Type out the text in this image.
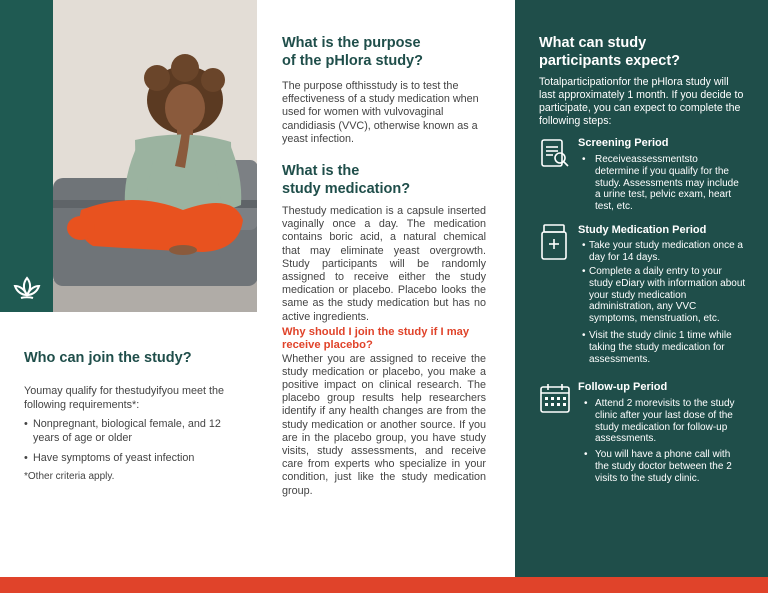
Who can join the study?

Youmay qualify for thestudyifyou meet the following requirements*:

• Nonpregnant, biological female, and 12 years of age or older
• Have symptoms of yeast infection

*Other criteria apply.

What is the purpose
of the pHlora study?

The purpose ofthisstudy is to test the effectiveness of a study medication when used for women with vulvovaginal candidiasis (VVC), otherwise known as a yeast infection.

What is the
study medication?

Thestudy medication is a capsule inserted vaginally once a day. The medication contains boric acid, a natural chemical that may eliminate yeast overgrowth. Study participants will be randomly assigned to receive either the study medication or placebo. Placebo looks the same as the study medication but has no active ingredients.

Why should I join the study if I may receive placebo?

Whether you are assigned to receive the study medication or placebo, you make a positive impact on clinical research. The placebo group results help researchers identify if any health changes are from the study medication or another source. If you are in the placebo group, you have study visits, study assessments, and receive care from experts who specialize in your condition, just like the study medication group.

What can study
participants expect?

Totalparticipationfor the pHlora study will last approximately 1 month. If you decide to participate, you can expect to complete the following steps:

Screening Period
• Receiveassessmentsto determine if you qualify for the study. Assessments may include a urine test, pelvic exam, heart test, etc.
Study Medication Period
• Take your study medication once a day for 14 days.
• Complete a daily entry to your study eDiary with information about your study medication administration, any VVC symptoms, menstruation, etc.
• Visit the study clinic 1 time while taking the study medication for assessments.
Follow-up Period
• Attend 2 morevisits to the study clinic after your last dose of the study medication for follow-up assessments.
• You will have a phone call with the study doctor between the 2 visits to the study clinic.
